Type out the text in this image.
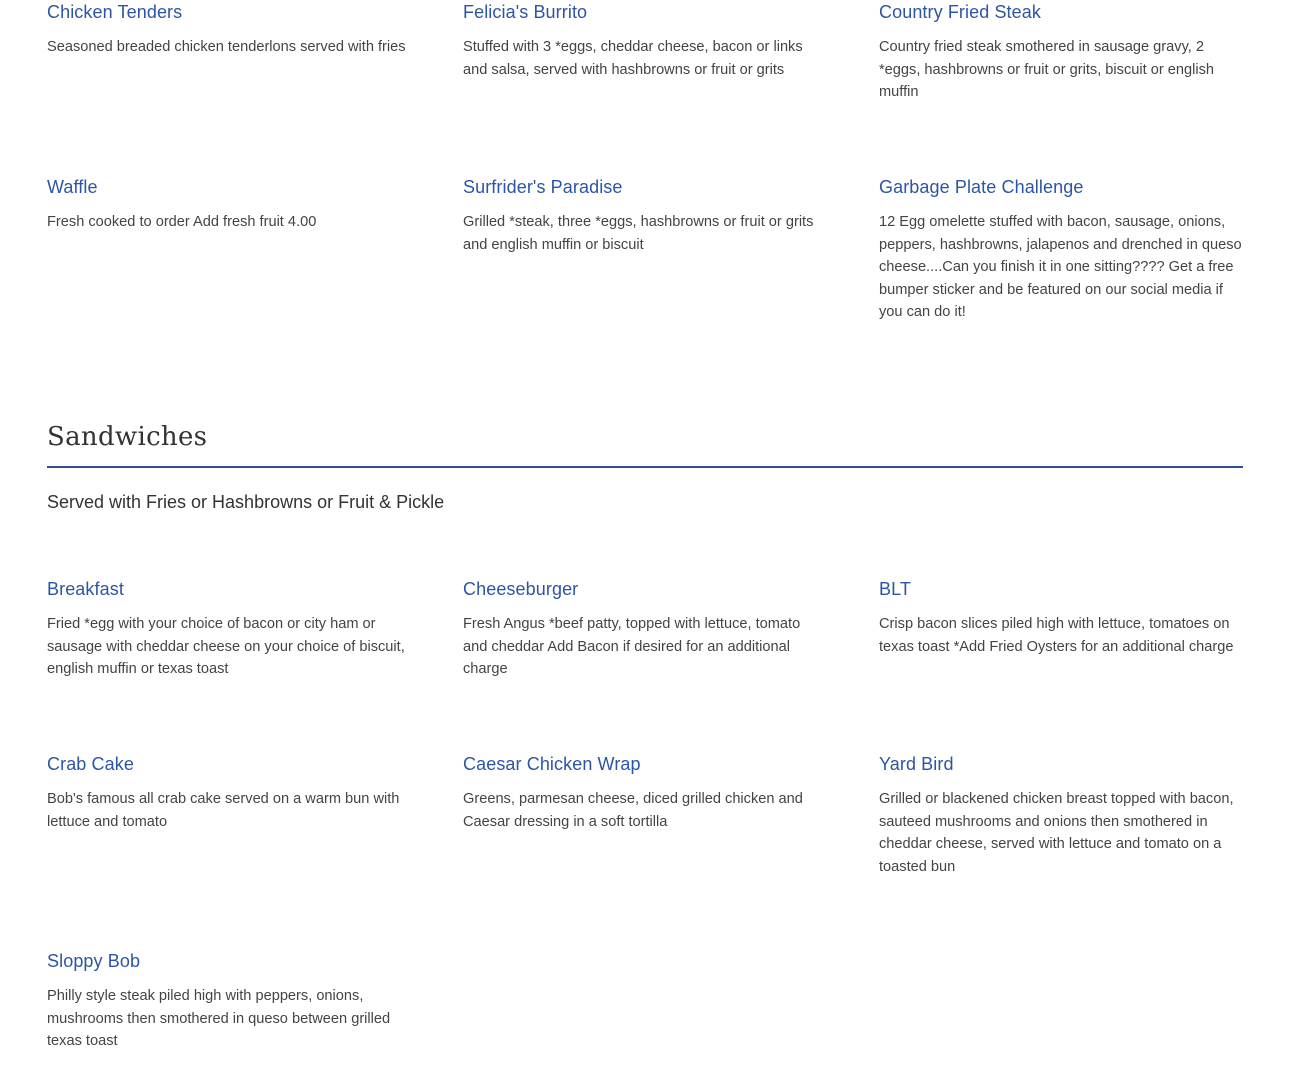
Chicken Tenders

Seasoned breaded chicken tenderlons served with fries

Felicia's Burrito

Stuffed with 3 *eggs, cheddar cheese, bacon or links and salsa, served with hashbrowns or fruit or grits

Country Fried Steak

Country fried steak smothered in sausage gravy, 2 *eggs, hashbrowns or fruit or grits, biscuit or english muffin

Waffle

Fresh cooked to order Add fresh fruit 4.00

Surfrider's Paradise

Grilled *steak, three *eggs, hashbrowns or fruit or grits and english muffin or biscuit

Garbage Plate Challenge

12 Egg omelette stuffed with bacon, sausage, onions, peppers, hashbrowns, jalapenos and drenched in queso cheese....Can you finish it in one sitting???? Get a free bumper sticker and be featured on our social media if you can do it!

Sandwiches

Served with Fries or Hashbrowns or Fruit & Pickle

Breakfast

Fried *egg with your choice of bacon or city ham or sausage with cheddar cheese on your choice of biscuit, english muffin or texas toast

Cheeseburger

Fresh Angus *beef patty, topped with lettuce, tomato and cheddar Add Bacon if desired for an additional charge

BLT

Crisp bacon slices piled high with lettuce, tomatoes on texas toast *Add Fried Oysters for an additional charge

Crab Cake

Bob's famous all crab cake served on a warm bun with lettuce and tomato

Caesar Chicken Wrap

Greens, parmesan cheese, diced grilled chicken and Caesar dressing in a soft tortilla

Yard Bird

Grilled or blackened chicken breast topped with bacon, sauteed mushrooms and onions then smothered in cheddar cheese, served with lettuce and tomato on a toasted bun

Sloppy Bob

Philly style steak piled high with peppers, onions, mushrooms then smothered in queso between grilled texas toast
